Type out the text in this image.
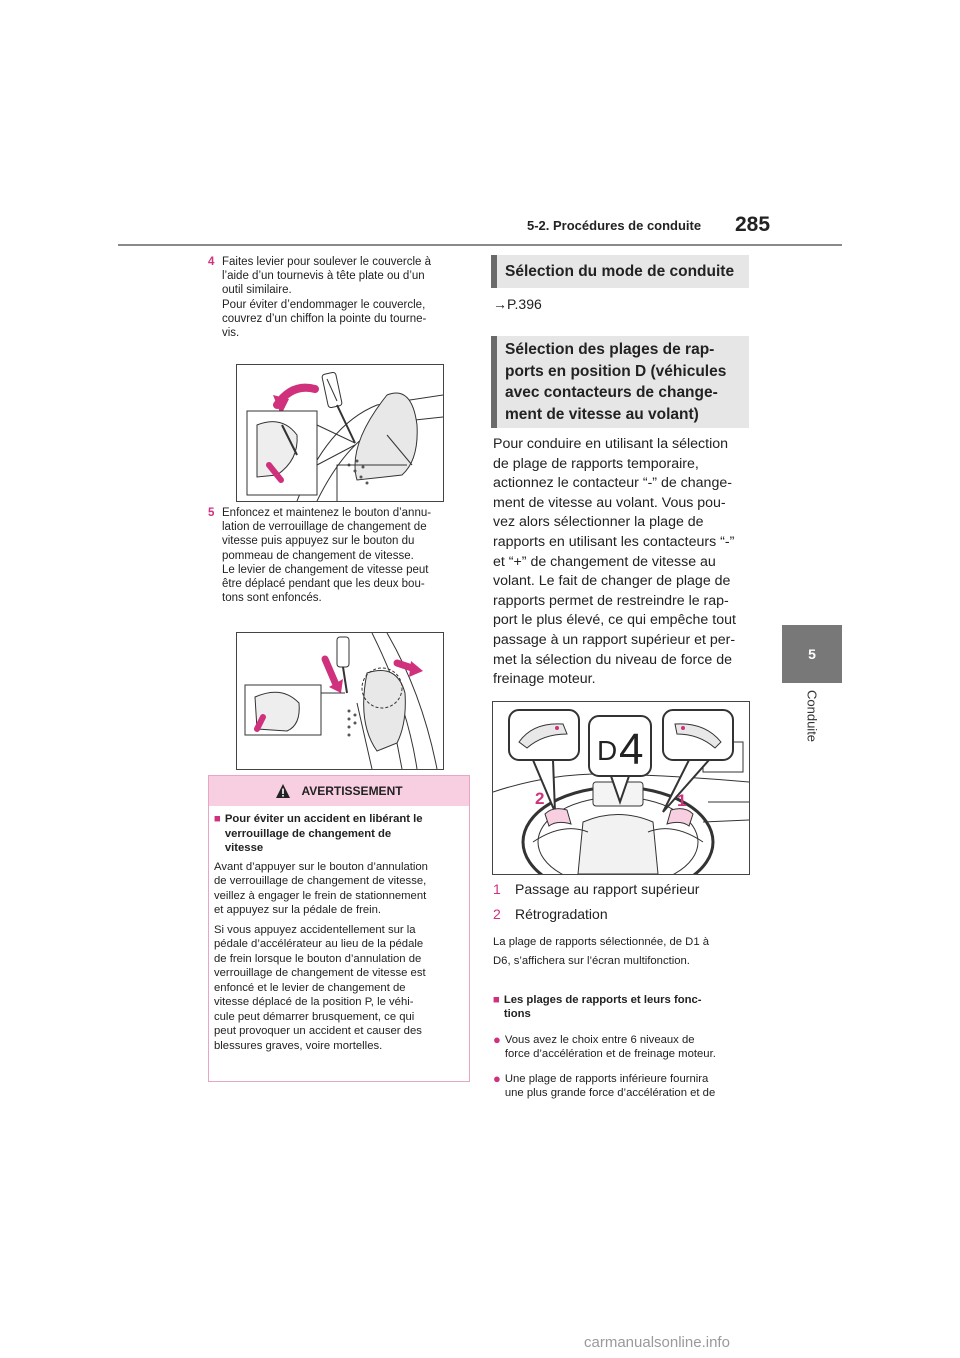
5-2. Procédures de conduite 285
5
Conduite
4 Faites levier pour soulever le couvercle à
l’aide d’un tournevis à tête plate ou d’un
outil similaire.
Pour éviter d’endommager le couvercle,
couvrez d’un chiffon la pointe du tourne-
vis.
5 Enfoncez et maintenez le bouton d’annu-
lation de verrouillage de changement de
vitesse puis appuyez sur le bouton du
pommeau de changement de vitesse.
Le levier de changement de vitesse peut
être déplacé pendant que les deux bou-
tons sont enfoncés.
AVERTISSEMENT
■ Pour éviter un accident en libérant le
verrouillage de changement de
vitesse
Avant d’appuyer sur le bouton d’annulation
de verrouillage de changement de vitesse,
veillez à engager le frein de stationnement
et appuyez sur la pédale de frein.
Si vous appuyez accidentellement sur la
pédale d’accélérateur au lieu de la pédale
de frein lorsque le bouton d’annulation de
verrouillage de changement de vitesse est
enfoncé et le levier de changement de
vitesse déplacé de la position P, le véhi-
cule peut démarrer brusquement, ce qui
peut provoquer un accident et causer des
blessures graves, voire mortelles.
Sélection du mode de conduite
→P.396
Sélection des plages de rap-
ports en position D (véhicules
avec contacteurs de change-
ment de vitesse au volant)
Pour conduire en utilisant la sélection
de plage de rapports temporaire,
actionnez le contacteur “-” de change-
ment de vitesse au volant. Vous pou-
vez alors sélectionner la plage de
rapports en utilisant les contacteurs “-”
et “+” de changement de vitesse au
volant. Le fait de changer de plage de
rapports permet de restreindre le rap-
port le plus élevé, ce qui empêche tout
passage à un rapport supérieur et per-
met la sélection du niveau de force de
freinage moteur.
D 4
2	1
1 Passage au rapport supérieur
2 Rétrogradation
La plage de rapports sélectionnée, de D1 à
D6, s’affichera sur l’écran multifonction.
■ Les plages de rapports et leurs fonc-
tions
● Vous avez le choix entre 6 niveaux de
force d’accélération et de freinage moteur.
● Une plage de rapports inférieure fournira
une plus grande force d’accélération et de
carmanualsonline.info
